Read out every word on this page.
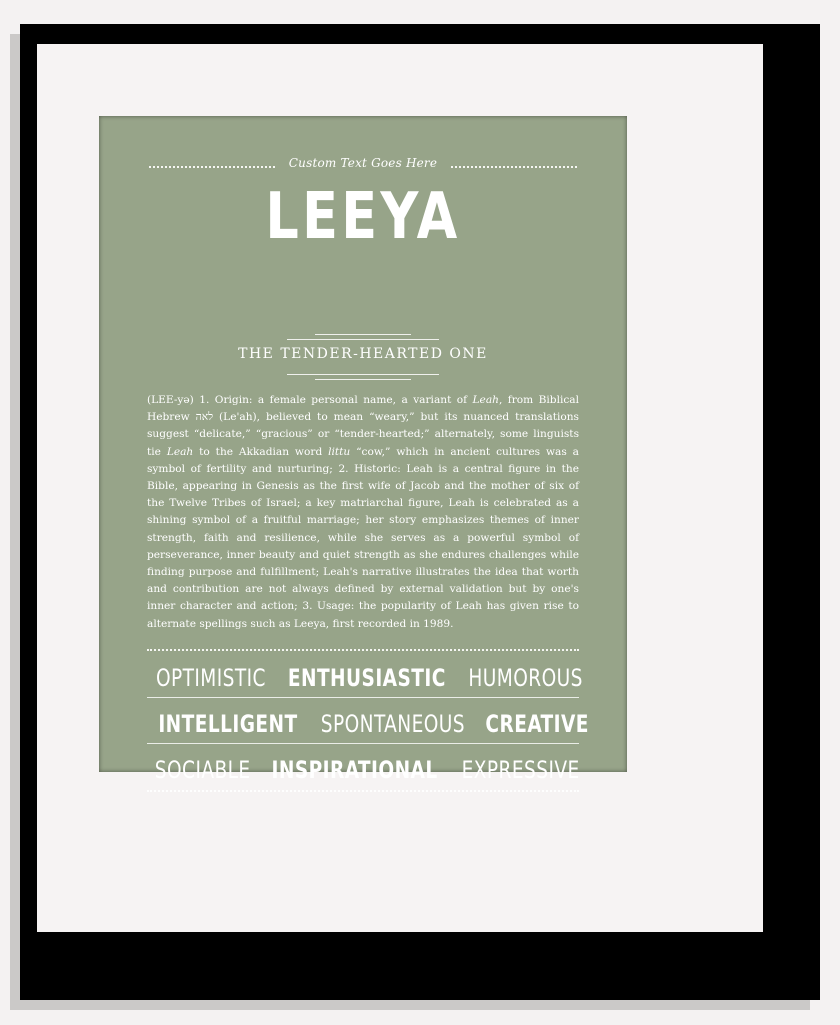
Custom Text Goes Here
LEEYA
THE TENDER-HEARTED ONE

(LEE-yə) 1. Origin: a female personal name, a variant of Leah, from Biblical Hebrew לאה (Le'ah), believed to mean “weary,” but its nuanced translations suggest “delicate,” “gracious” or “tender-hearted;” alternately, some linguists tie Leah to the Akkadian word littu “cow,” which in ancient cultures was a symbol of fertility and nurturing; 2. Historic: Leah is a central figure in the Bible, appearing in Genesis as the first wife of Jacob and the mother of six of the Twelve Tribes of Israel; a key matriarchal figure, Leah is celebrated as a shining symbol of a fruitful marriage; her story emphasizes themes of inner strength, faith and resilience, while she serves as a powerful symbol of perseverance, inner beauty and quiet strength as she endures challenges while finding purpose and fulfillment; Leah's narrative illustrates the idea that worth and contribution are not always defined by external validation but by one's inner character and action; 3. Usage: the popularity of Leah has given rise to alternate spellings such as Leeya, first recorded in 1989.

OPTIMISTIC ENTHUSIASTIC HUMOROUS
INTELLIGENT SPONTANEOUS CREATIVE
SOCIABLE INSPIRATIONAL EXPRESSIVE
